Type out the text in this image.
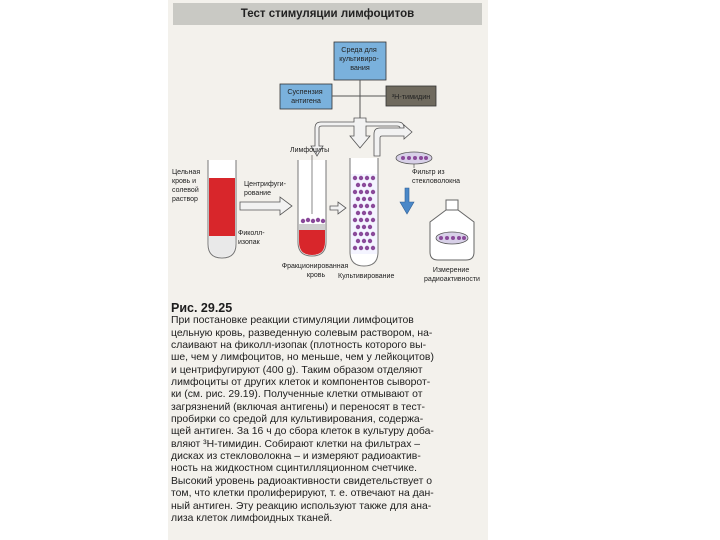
Тест стимуляции лимфоцитов
Среда для культивиро- вания
Суспензия антигена	³Н-тимидин
Цельная кровь и солевой раствор
Фиколл- изопак
Центрифуги- рование
Лимфоциты
Фракционированная кровь	Культивирование
Фильтр из стекловолокна
Измерение радиоактивности
Рис. 29.25
При постановке реакции стимуляции лимфоцитов
цельную кровь, разведенную солевым раствором, на-
слаивают на фиколл-изопак (плотность которого вы-
ше, чем у лимфоцитов, но меньше, чем у лейкоцитов)
и центрифугируют (400 g). Таким образом отделяют
лимфоциты от других клеток и компонентов сыворот-
ки (см. рис. 29.19). Полученные клетки отмывают от
загрязнений (включая антигены) и переносят в тест-
пробирки со средой для культивирования, содержа-
щей антиген. За 16 ч до сбора клеток в культуру доба-
вляют ³Н-тимидин. Собирают клетки на фильтрах –
дисках из стекловолокна – и измеряют радиоактив-
ность на жидкостном сцинтилляционном счетчике.
Высокий уровень радиоактивности свидетельствует о
том, что клетки пролиферируют, т. е. отвечают на дан-
ный антиген. Эту реакцию используют также для ана-
лиза клеток лимфоидных тканей.
